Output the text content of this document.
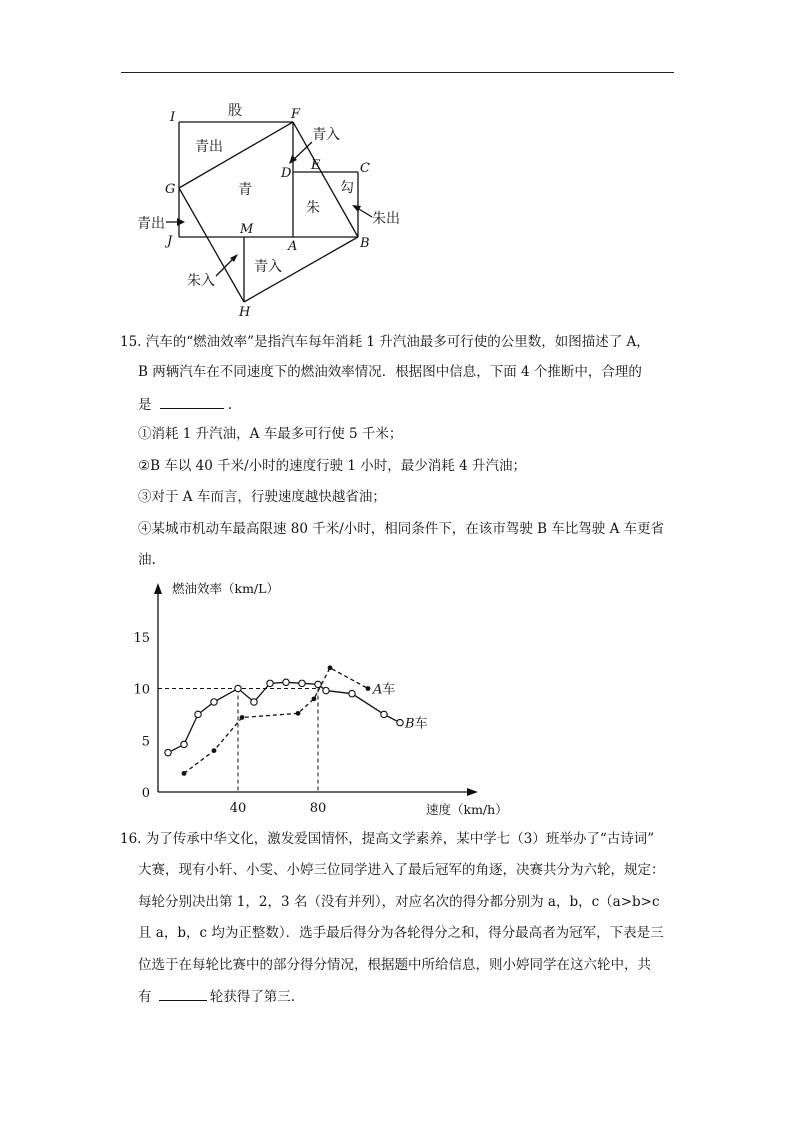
I	F
C
D
E
G
J
M
A	B
H
股
青出
青
朱
勾
青入
青入
朱出
青出
朱入
15. 汽车的“燃油效率”是指汽车每年消耗 1 升汽油最多可行使的公里数，如图描述了 A，
B 两辆汽车在不同速度下的燃油效率情况．根据图中信息，下面 4 个推断中，合理的
是	.
①消耗 1 升汽油，A 车最多可行使 5 千米；
②B 车以 40 千米/小时的速度行驶 1 小时，最少消耗 4 升汽油；
③对于 A 车而言，行驶速度越快越省油；
④某城市机动车最高限速 80 千米/小时，相同条件下，在该市驾驶 B 车比驾驶 A 车更省
油.
燃油效率（km/L）
速度（km/h）
0
5
10
15
40	80
A车
B车
16. 为了传承中华文化，激发爱国情怀，提高文学素养，某中学七（3）班举办了“古诗词”
大赛，现有小轩、小雯、小婷三位同学进入了最后冠军的角逐，决赛共分为六轮，规定：
每轮分别决出第 1，2，3 名（没有并列），对应名次的得分都分别为 a，b，c（a>b>c
且 a，b，c 均为正整数）．选手最后得分为各轮得分之和，得分最高者为冠军，下表是三
位选于在每轮比赛中的部分得分情况，根据题中所给信息，则小婷同学在这六轮中，共
有	轮获得了第三.
